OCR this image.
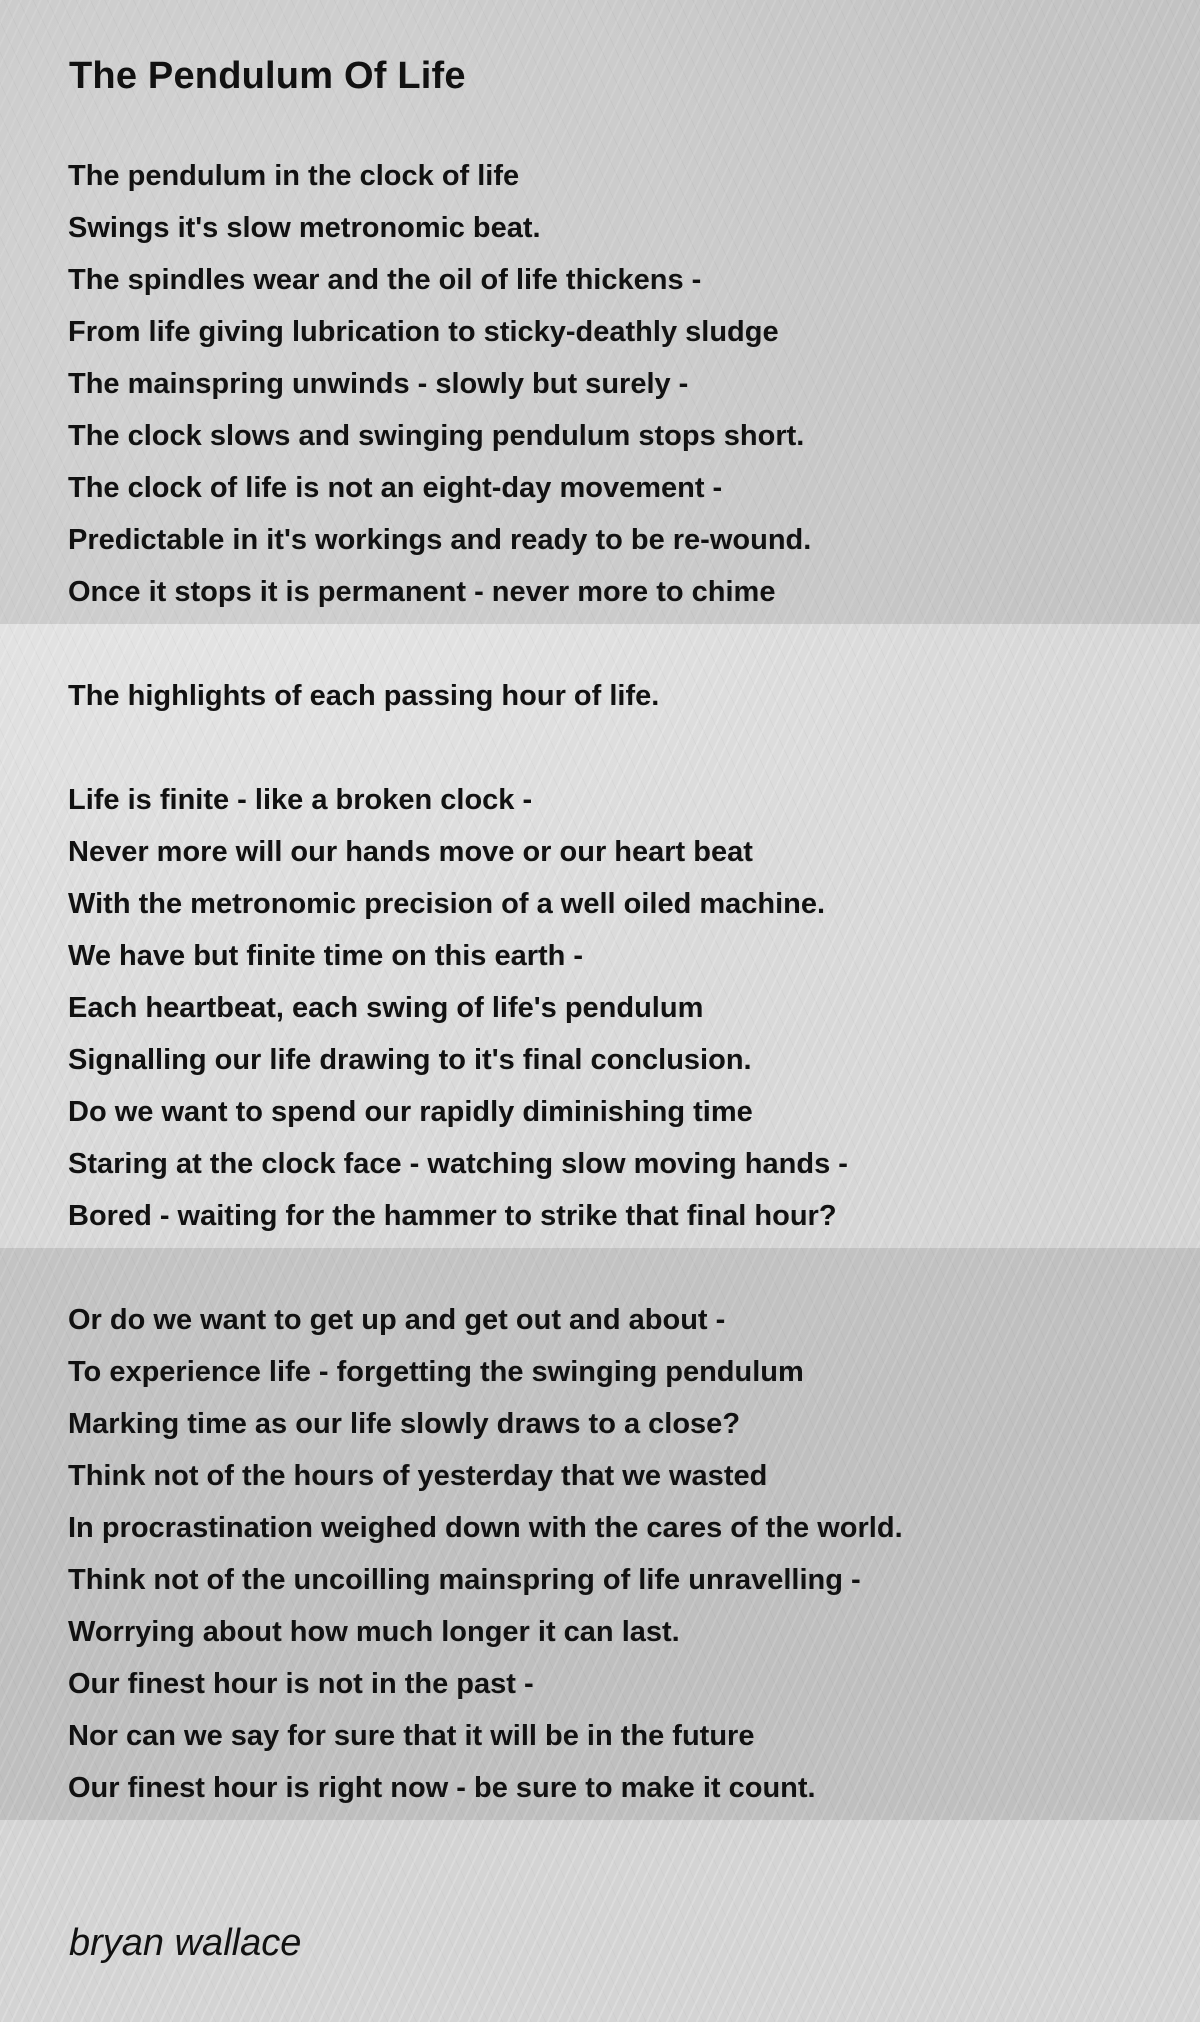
The Pendulum Of Life
The pendulum in the clock of life
Swings it's slow metronomic beat.
The spindles wear and the oil of life thickens -
From life giving lubrication to sticky-deathly sludge
The mainspring unwinds - slowly but surely -
The clock slows and swinging pendulum stops short.
The clock of life is not an eight-day movement -
Predictable in it's workings and ready to be re-wound.
Once it stops it is permanent - never more to chime
The highlights of each passing hour of life.
Life is finite - like a broken clock -
Never more will our hands move or our heart beat
With the metronomic precision of a well oiled machine.
We have but finite time on this earth -
Each heartbeat, each swing of life's pendulum
Signalling our life drawing to it's final conclusion.
Do we want to spend our rapidly diminishing time
Staring at the clock face - watching slow moving hands -
Bored - waiting for the hammer to strike that final hour?
Or do we want to get up and get out and about -
To experience life - forgetting the swinging pendulum
Marking time as our life slowly draws to a close?
Think not of the hours of yesterday that we wasted
In procrastination weighed down with the cares of the world.
Think not of the uncoilling mainspring of life unravelling -
Worrying about how much longer it can last.
Our finest hour is not in the past -
Nor can we say for sure that it will be in the future
Our finest hour is right now - be sure to make it count.
bryan wallace
